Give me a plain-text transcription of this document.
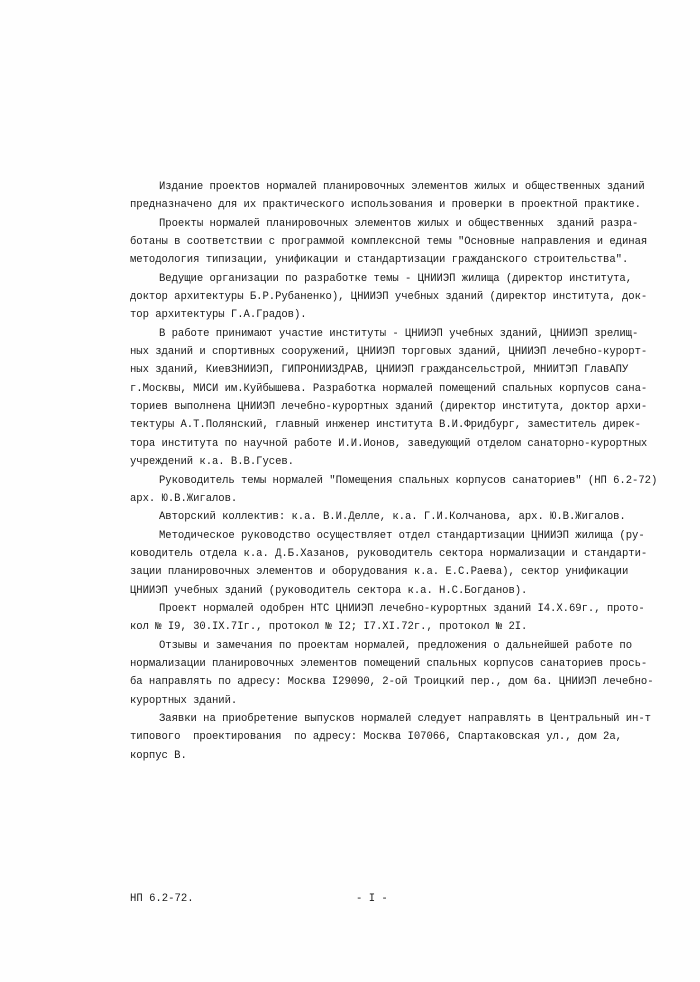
Издание проектов нормалей планировочных элементов жилых и общественных зданий
предназначено для их практического использования и проверки в проектной практике.
Проекты нормалей планировочных элементов жилых и общественных  зданий разра-
ботаны в соответствии с программой комплексной темы "Основные направления и единая
методология типизации, унификации и стандартизации гражданского строительства".
Ведущие организации по разработке темы - ЦНИИЭП жилища (директор института,
доктор архитектуры Б.Р.Рубаненко), ЦНИИЭП учебных зданий (директор института, док-
тор архитектуры Г.А.Градов).
В работе принимают участие институты - ЦНИИЭП учебных зданий, ЦНИИЭП зрелищ-
ных зданий и спортивных сооружений, ЦНИИЭП торговых зданий, ЦНИИЭП лечебно-курорт-
ных зданий, КиевЗНИИЭП, ГИПРОНИИЗДРАВ, ЦНИИЭП граждансельстрой, МНИИТЭП ГлавАПУ
г.Москвы, МИСИ им.Куйбышева. Разработка нормалей помещений спальных корпусов сана-
ториев выполнена ЦНИИЭП лечебно-курортных зданий (директор института, доктор архи-
тектуры А.Т.Полянский, главный инженер института В.И.Фридбург, заместитель дирек-
тора института по научной работе И.И.Ионов, заведующий отделом санаторно-курортных
учреждений к.а. В.В.Гусев.
Руководитель темы нормалей "Помещения спальных корпусов санаториев" (НП 6.2-72)
арх. Ю.В.Жигалов.
Авторский коллектив: к.а. В.И.Делле, к.а. Г.И.Колчанова, арх. Ю.В.Жигалов.
Методическое руководство осуществляет отдел стандартизации ЦНИИЭП жилища (ру-
ководитель отдела к.а. Д.Б.Хазанов, руководитель сектора нормализации и стандарти-
зации планировочных элементов и оборудования к.а. Е.С.Раева), сектор унификации
ЦНИИЭП учебных зданий (руководитель сектора к.а. Н.С.Богданов).
Проект нормалей одобрен НТС ЦНИИЭП лечебно-курортных зданий I4.X.69г., прото-
кол № I9, 30.IX.7Iг., протокол № I2; I7.XI.72г., протокол № 2I.
Отзывы и замечания по проектам нормалей, предложения о дальнейшей работе по
нормализации планировочных элементов помещений спальных корпусов санаториев прось-
ба направлять по адресу: Москва I29090, 2-ой Троицкий пер., дом 6а. ЦНИИЭП лечебно-
курортных зданий.
Заявки на приобретение выпусков нормалей следует направлять в Центральный ин-т
типового  проектирования  по адресу: Москва I07066, Спартаковская ул., дом 2а,
корпус В.
НП 6.2-72.	- I -
